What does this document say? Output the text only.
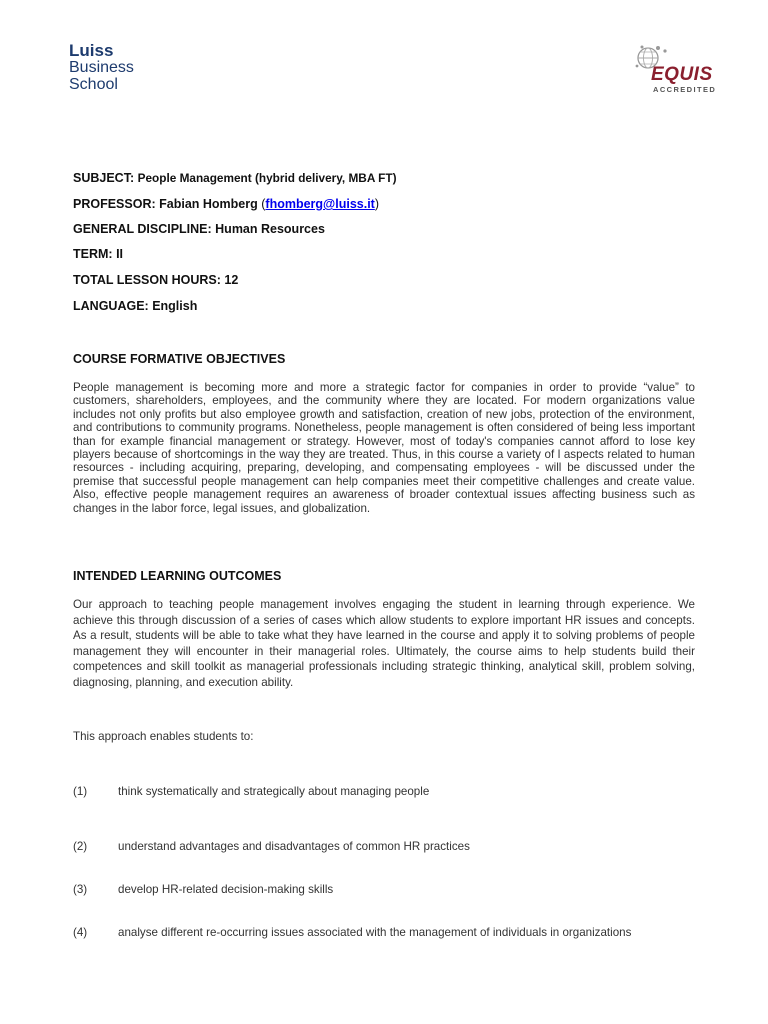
Luiss
Business
School	EQUIS
ACCREDITED
SUBJECT: People Management (hybrid delivery, MBA FT)
PROFESSOR: Fabian Homberg (fhomberg@luiss.it)
GENERAL DISCIPLINE: Human Resources
TERM: II
TOTAL LESSON HOURS: 12
LANGUAGE: English
COURSE FORMATIVE OBJECTIVES
People management is becoming more and more a strategic factor for companies in order to provide “value” to customers, shareholders, employees, and the community where they are located. For modern organizations value includes not only profits but also employee growth and satisfaction, creation of new jobs, protection of the environment, and contributions to community programs. Nonetheless, people management is often considered of being less important than for example financial management or strategy. However, most of today's companies cannot afford to lose key players because of shortcomings in the way they are treated. Thus, in this course a variety of l aspects related to human resources - including acquiring, preparing, developing, and compensating employees - will be discussed under the premise that successful people management can help companies meet their competitive challenges and create value. Also, effective people management requires an awareness of broader contextual issues affecting business such as changes in the labor force, legal issues, and globalization.
INTENDED LEARNING OUTCOMES
Our approach to teaching people management involves engaging the student in learning through experience. We achieve this through discussion of a series of cases which allow students to explore important HR issues and concepts. As a result, students will be able to take what they have learned in the course and apply it to solving problems of people management they will encounter in their managerial roles. Ultimately, the course aims to help students build their competences and skill toolkit as managerial professionals including strategic thinking, analytical skill, problem solving, diagnosing, planning, and execution ability.
This approach enables students to:
(1)	think systematically and strategically about managing people
(2)	understand advantages and disadvantages of common HR practices
(3)	develop HR-related decision-making skills
(4)	analyse different re-occurring issues associated with the management of individuals in organizations
